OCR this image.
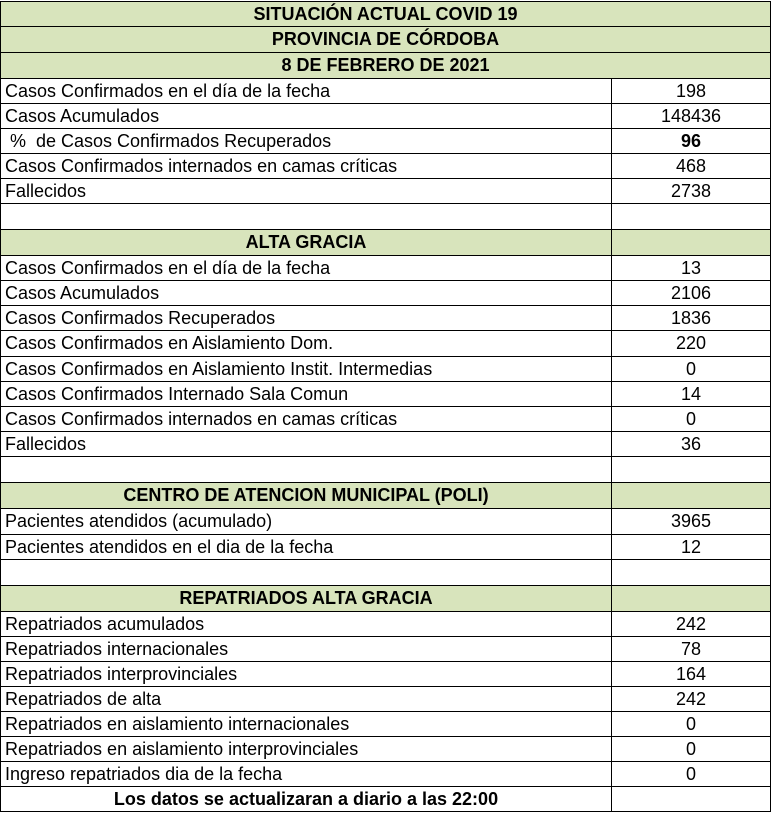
SITUACIÓN ACTUAL COVID 19
PROVINCIA DE CÓRDOBA
8 DE FEBRERO DE 2021
Casos Confirmados en el día de la fecha	198
Casos Acumulados	148436
%  de Casos Confirmados Recuperados	96
Casos Confirmados internados en camas críticas	468
Fallecidos	2738
ALTA GRACIA
Casos Confirmados en el día de la fecha	13
Casos Acumulados	2106
Casos Confirmados Recuperados	1836
Casos Confirmados en Aislamiento Dom.	220
Casos Confirmados en Aislamiento Instit. Intermedias	0
Casos Confirmados Internado Sala Comun	14
Casos Confirmados internados en camas críticas	0
Fallecidos	36
CENTRO DE ATENCION MUNICIPAL (POLI)
Pacientes atendidos (acumulado)	3965
Pacientes atendidos en el dia de la fecha	12
REPATRIADOS ALTA GRACIA
Repatriados acumulados	242
Repatriados internacionales	78
Repatriados interprovinciales	164
Repatriados de alta	242
Repatriados en aislamiento internacionales	0
Repatriados en aislamiento interprovinciales	0
Ingreso repatriados dia de la fecha	0
Los datos se actualizaran a diario a las 22:00
